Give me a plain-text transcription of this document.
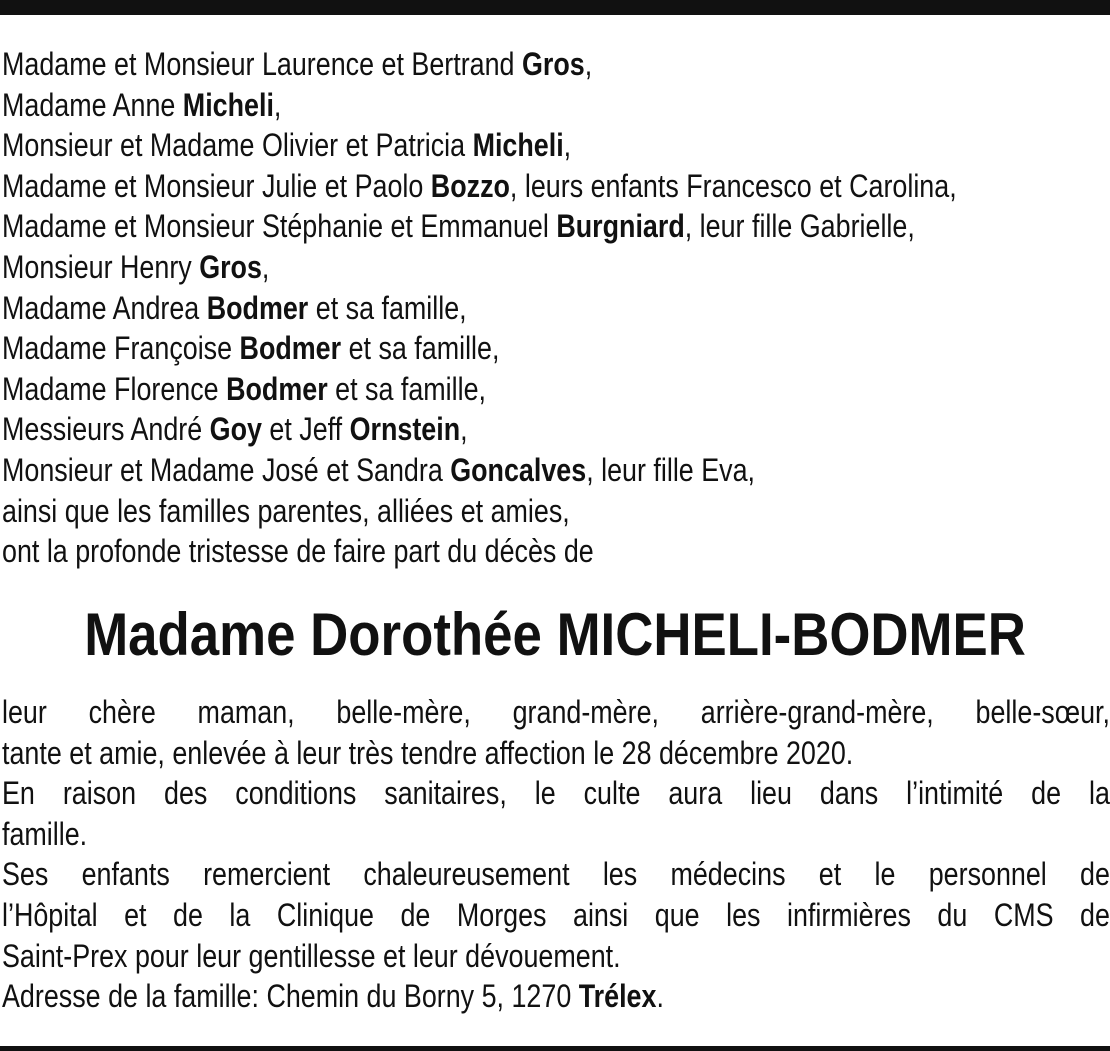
Madame et Monsieur Laurence et Bertrand Gros,
Madame Anne Micheli,
Monsieur et Madame Olivier et Patricia Micheli,
Madame et Monsieur Julie et Paolo Bozzo, leurs enfants Francesco et Carolina,
Madame et Monsieur Stéphanie et Emmanuel Burgniard, leur fille Gabrielle,
Monsieur Henry Gros,
Madame Andrea Bodmer et sa famille,
Madame Françoise Bodmer et sa famille,
Madame Florence Bodmer et sa famille,
Messieurs André Goy et Jeff Ornstein,
Monsieur et Madame José et Sandra Goncalves, leur fille Eva,
ainsi que les familles parentes, alliées et amies,
ont la profonde tristesse de faire part du décès de
Madame Dorothée MICHELI-BODMER
leur chère maman, belle-mère, grand-mère, arrière-grand-mère, belle-sœur,
tante et amie, enlevée à leur très tendre affection le 28 décembre 2020.
En raison des conditions sanitaires, le culte aura lieu dans l’intimité de la
famille.
Ses enfants remercient chaleureusement les médecins et le personnel de
l’Hôpital et de la Clinique de Morges ainsi que les infirmières du CMS de
Saint-Prex pour leur gentillesse et leur dévouement.
Adresse de la famille: Chemin du Borny 5, 1270 Trélex.
